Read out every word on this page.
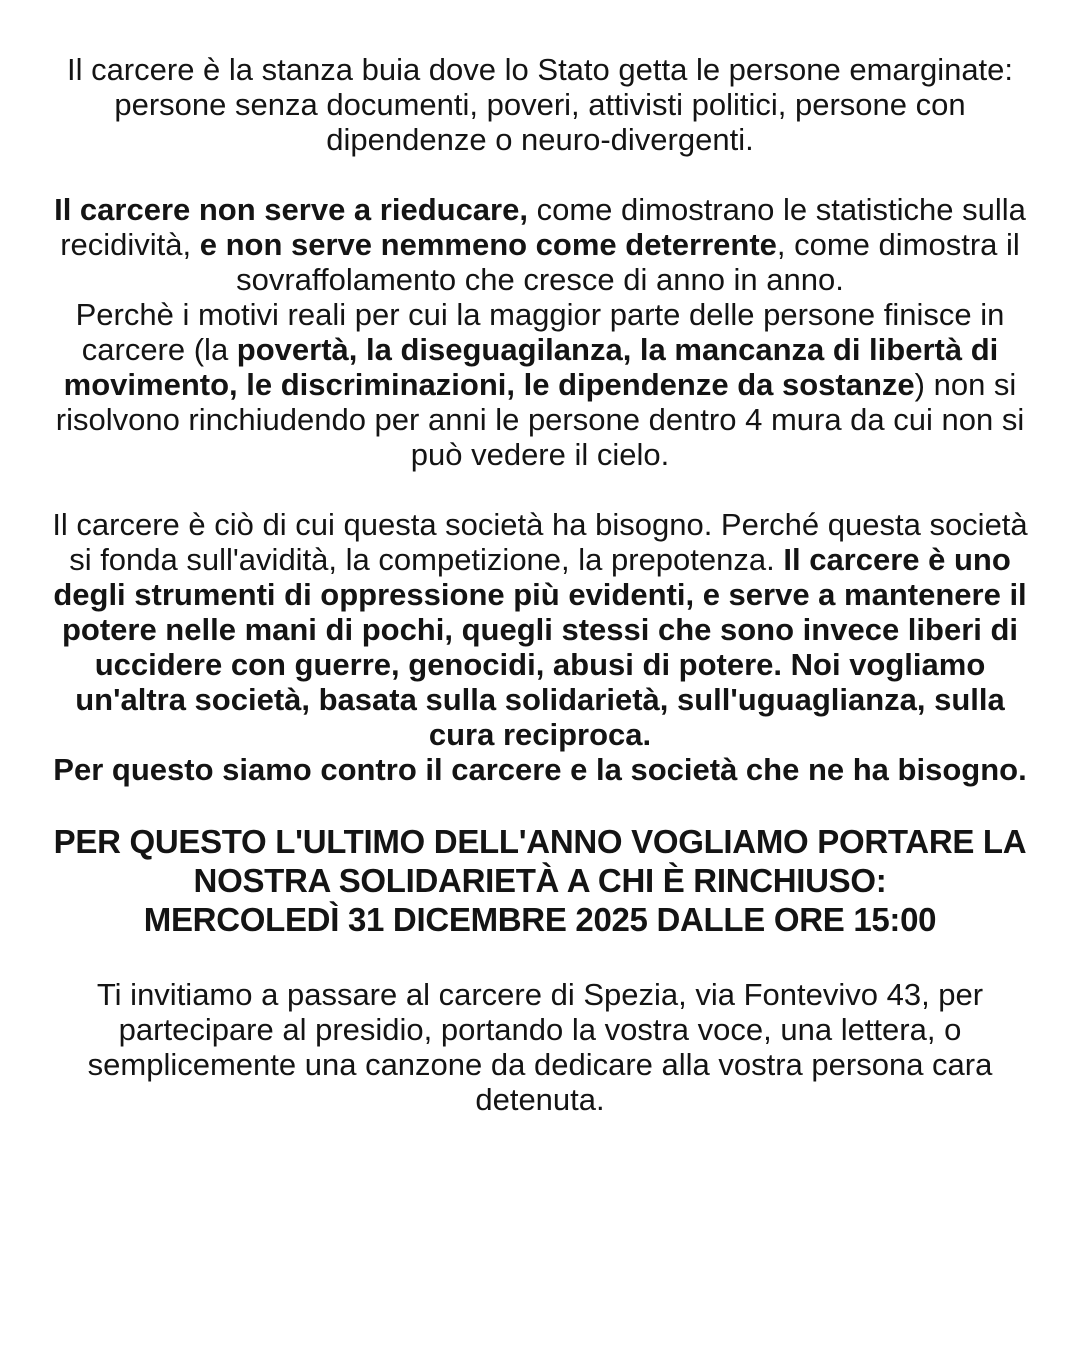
Il carcere è la stanza buia dove lo Stato getta le persone emarginate:
persone senza documenti, poveri, attivisti politici, persone con dipendenze o neuro-divergenti.

Il carcere non serve a rieducare, come dimostrano le statistiche sulla recidività, e non serve nemmeno come deterrente, come dimostra il sovraffolamento che cresce di anno in anno.
Perchè i motivi reali per cui la maggior parte delle persone finisce in carcere (la povertà, la diseguagilanza, la mancanza di libertà di movimento, le discriminazioni, le dipendenze da sostanze) non si risolvono rinchiudendo per anni le persone dentro 4 mura da cui non si può vedere il cielo.

Il carcere è ciò di cui questa società ha bisogno. Perché questa società si fonda sull'avidità, la competizione, la prepotenza. Il carcere è uno degli strumenti di oppressione più evidenti, e serve a mantenere il potere nelle mani di pochi, quegli stessi che sono invece liberi di uccidere con guerre, genocidi, abusi di potere. Noi vogliamo un'altra società, basata sulla solidarietà, sull'uguaglianza, sulla cura reciproca.
Per questo siamo contro il carcere e la società che ne ha bisogno.

PER QUESTO L'ULTIMO DELL'ANNO VOGLIAMO PORTARE LA NOSTRA SOLIDARIETÀ A CHI È RINCHIUSO:
MERCOLEDÌ 31 DICEMBRE 2025 DALLE ORE 15:00

Ti invitiamo a passare al carcere di Spezia, via Fontevivo 43, per partecipare al presidio, portando la vostra voce, una lettera, o semplicemente una canzone da dedicare alla vostra persona cara detenuta.
